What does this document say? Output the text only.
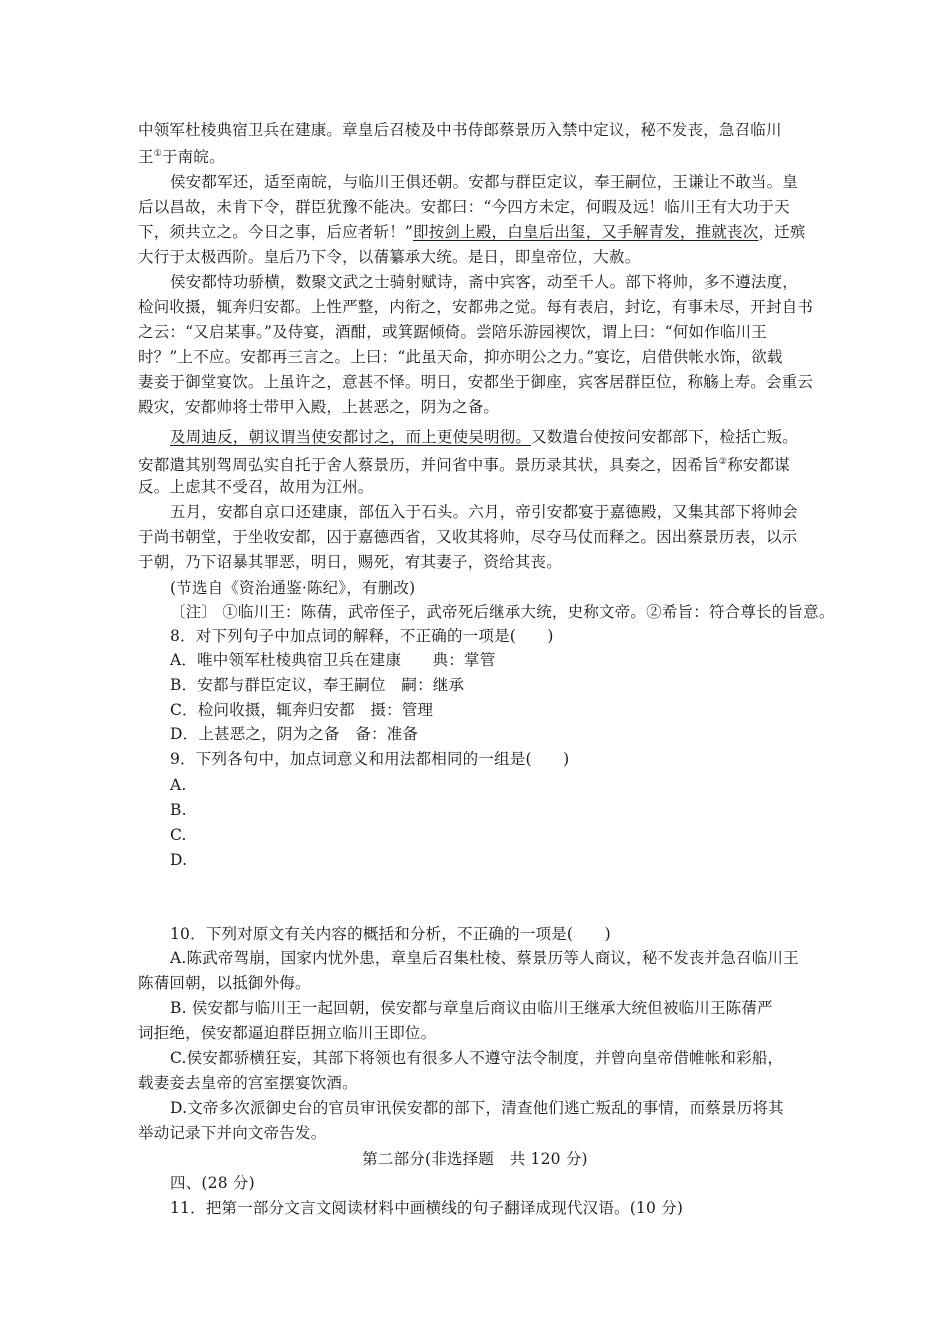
中领军杜棱典宿卫兵在建康。章皇后召棱及中书侍郎蔡景历入禁中定议，秘不发丧，急召临川
王①于南皖。
侯安都军还，适至南皖，与临川王俱还朝。安都与群臣定议，奉王嗣位，王谦让不敢当。皇
后以昌故，未肯下令，群臣犹豫不能决。安都曰：“今四方未定，何暇及远！临川王有大功于天
下，须共立之。今日之事，后应者斩！”即按剑上殿，白皇后出玺，又手解青发，推就丧次，迁殡
大行于太极西阶。皇后乃下令，以蒨纂承大统。是日，即皇帝位，大赦。
侯安都恃功骄横，数聚文武之士骑射赋诗，斋中宾客，动至千人。部下将帅，多不遵法度，
检问收摄，辄奔归安都。上性严整，内衔之，安都弗之觉。每有表启，封讫，有事未尽，开封自书
之云：“又启某事。”及侍宴，酒酣，或箕踞倾倚。尝陪乐游园禊饮，谓上曰：“何如作临川王
时？”上不应。安都再三言之。上曰：“此虽天命，抑亦明公之力。”宴讫，启借供帐水饰，欲载
妻妾于御堂宴饮。上虽许之，意甚不怿。明日，安都坐于御座，宾客居群臣位，称觞上寿。会重云
殿灾，安都帅将士带甲入殿，上甚恶之，阴为之备。
及周迪反，朝议谓当使安都讨之，而上更使吴明彻。又数遣台使按问安都部下，检括亡叛。
安都遣其别驾周弘实自托于舍人蔡景历，并问省中事。景历录其状，具奏之，因希旨②称安都谋
反。上虑其不受召，故用为江州。
五月，安都自京口还建康，部伍入于石头。六月，帝引安都宴于嘉德殿，又集其部下将帅会
于尚书朝堂，于坐收安都，囚于嘉德西省，又收其将帅，尽夺马仗而释之。因出蔡景历表，以示
于朝，乃下诏暴其罪恶，明日，赐死，宥其妻子，资给其丧。
(节选自《资治通鉴·陈纪》，有删改)
〔注〕 ①临川王：陈蒨，武帝侄子，武帝死后继承大统，史称文帝。②希旨：符合尊长的旨意。
8．对下列句子中加点词的解释，不正确的一项是(　　)
A．唯中领军杜棱典宿卫兵在建康　　典：掌管
B．安都与群臣定议，奉王嗣位　嗣：继承
C．检问收摄，辄奔归安都　摄：管理
D．上甚恶之，阴为之备　备：准备
9．下列各句中，加点词意义和用法都相同的一组是(　　)
A.
B.
C.
D.
10．下列对原文有关内容的概括和分析，不正确的一项是(　　)
A.陈武帝驾崩，国家内忧外患，章皇后召集杜棱、蔡景历等人商议，秘不发丧并急召临川王
陈蒨回朝，以抵御外侮。
B. 侯安都与临川王一起回朝，侯安都与章皇后商议由临川王继承大统但被临川王陈蒨严
词拒绝，侯安都逼迫群臣拥立临川王即位。
C.侯安都骄横狂妄，其部下将领也有很多人不遵守法令制度，并曾向皇帝借帷帐和彩船，
载妻妾去皇帝的宫室摆宴饮酒。
D.文帝多次派御史台的官员审讯侯安都的部下，清查他们逃亡叛乱的事情，而蔡景历将其
举动记录下并向文帝告发。
第二部分(非选择题　共 120 分)
四、(28 分)
11．把第一部分文言文阅读材料中画横线的句子翻译成现代汉语。(10 分)
